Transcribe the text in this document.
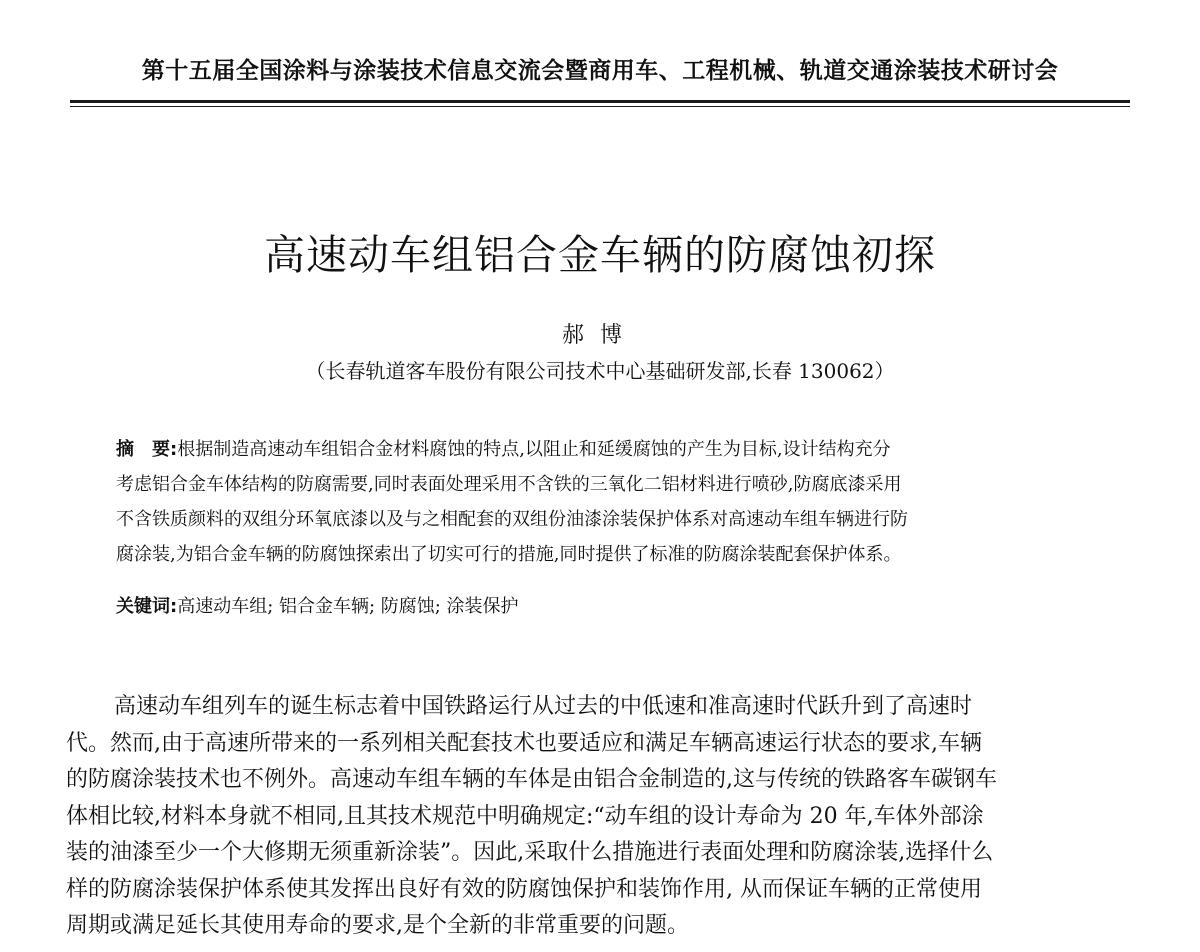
第十五届全国涂料与涂装技术信息交流会暨商用车、工程机械、轨道交通涂装技术研讨会
高速动车组铝合金车辆的防腐蚀初探
郝博
（长春轨道客车股份有限公司技术中心基础研发部,长春 130062）
摘　要:根据制造高速动车组铝合金材料腐蚀的特点,以阻止和延缓腐蚀的产生为目标,设计结构充分
考虑铝合金车体结构的防腐需要,同时表面处理采用不含铁的三氧化二铝材料进行喷砂,防腐底漆采用
不含铁质颜料的双组分环氧底漆以及与之相配套的双组份油漆涂装保护体系对高速动车组车辆进行防
腐涂装,为铝合金车辆的防腐蚀探索出了切实可行的措施,同时提供了标准的防腐涂装配套保护体系。
关键词:高速动车组; 铝合金车辆; 防腐蚀; 涂装保护
高速动车组列车的诞生标志着中国铁路运行从过去的中低速和准高速时代跃升到了高速时
代。然而,由于高速所带来的一系列相关配套技术也要适应和满足车辆高速运行状态的要求,车辆
的防腐涂装技术也不例外。高速动车组车辆的车体是由铝合金制造的,这与传统的铁路客车碳钢车
体相比较,材料本身就不相同,且其技术规范中明确规定:“动车组的设计寿命为 20 年,车体外部涂
装的油漆至少一个大修期无须重新涂装”。因此,采取什么措施进行表面处理和防腐涂装,选择什么
样的防腐涂装保护体系使其发挥出良好有效的防腐蚀保护和装饰作用, 从而保证车辆的正常使用
周期或满足延长其使用寿命的要求,是个全新的非常重要的问题。
